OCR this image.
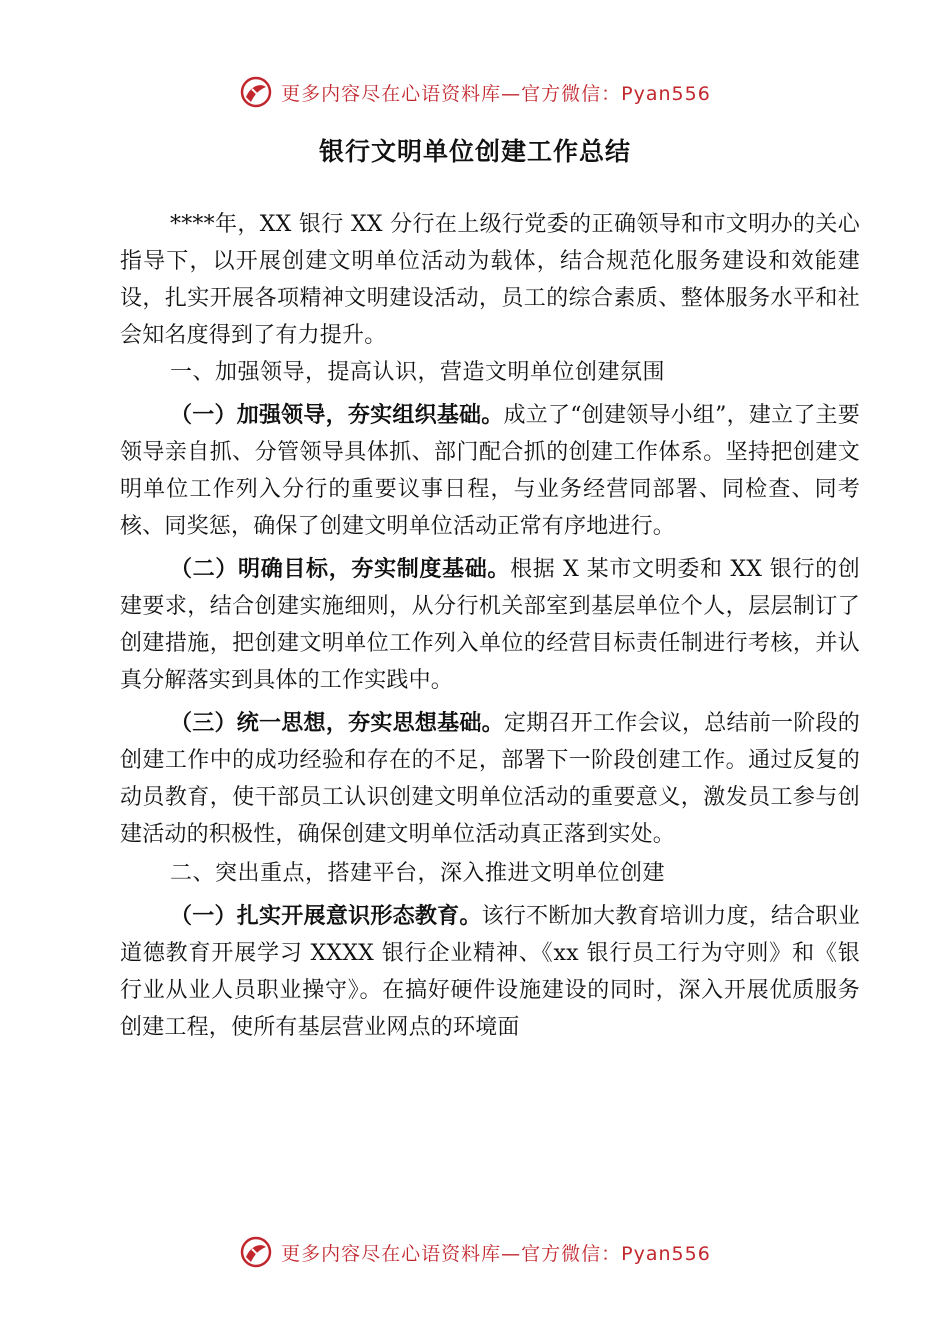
更多内容尽在心语资料库—官方微信：Pyan556
银行文明单位创建工作总结

****年，XX 银行 XX 分行在上级行党委的正确领导和市文明办的关心指导下，以开展创建文明单位活动为载体，结合规范化服务建设和效能建设，扎实开展各项精神文明建设活动，员工的综合素质、整体服务水平和社会知名度得到了有力提升。

一、加强领导，提高认识，营造文明单位创建氛围

（一）加强领导，夯实组织基础。成立了“创建领导小组”，建立了主要领导亲自抓、分管领导具体抓、部门配合抓的创建工作体系。坚持把创建文明单位工作列入分行的重要议事日程，与业务经营同部署、同检查、同考核、同奖惩，确保了创建文明单位活动正常有序地进行。

（二）明确目标，夯实制度基础。根据 X 某市文明委和 XX 银行的创建要求，结合创建实施细则，从分行机关部室到基层单位个人，层层制订了创建措施，把创建文明单位工作列入单位的经营目标责任制进行考核，并认真分解落实到具体的工作实践中。

（三）统一思想，夯实思想基础。定期召开工作会议，总结前一阶段的创建工作中的成功经验和存在的不足，部署下一阶段创建工作。通过反复的动员教育，使干部员工认识创建文明单位活动的重要意义，激发员工参与创建活动的积极性，确保创建文明单位活动真正落到实处。

二、突出重点，搭建平台，深入推进文明单位创建

（一）扎实开展意识形态教育。该行不断加大教育培训力度，结合职业道德教育开展学习 XXXX 银行企业精神、《xx 银行员工行为守则》和《银行业从业人员职业操守》。在搞好硬件设施建设的同时，深入开展优质服务创建工程，使所有基层营业网点的环境面

更多内容尽在心语资料库—官方微信：Pyan556
